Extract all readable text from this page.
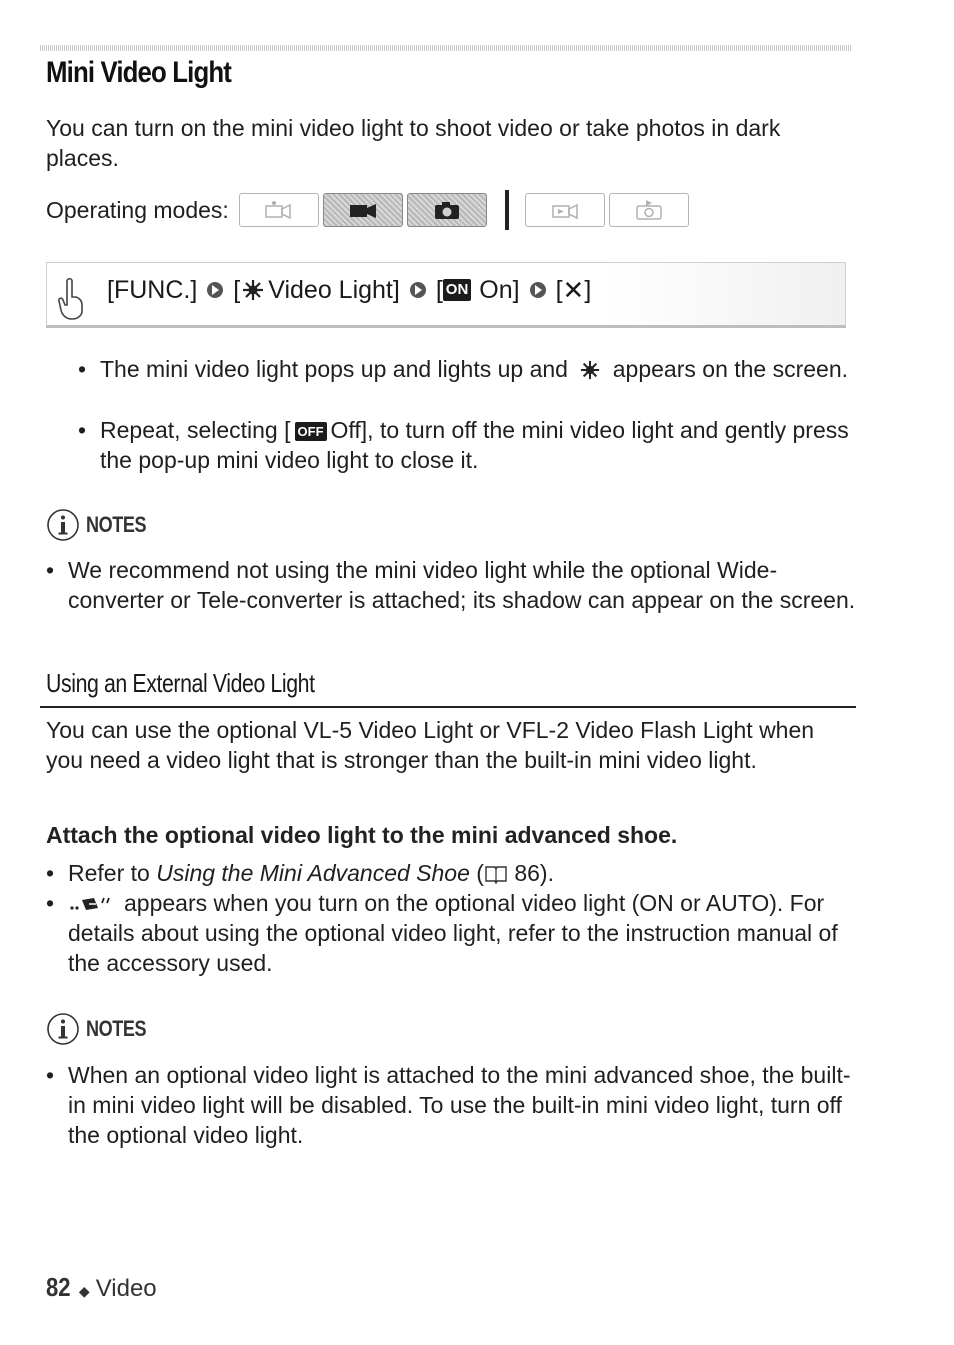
Mini Video Light
You can turn on the mini video light to shoot video or take photos in dark places.
Operating modes:
[FUNC.] [ Video Light] [ ON On] [ ✕ ]
• The mini video light pops up and lights up and appears on the screen.
• Repeat, selecting [ OFF Off], to turn off the mini video light and gently press the pop-up mini video light to close it.
NOTES
• We recommend not using the mini video light while the optional Wide-converter or Tele-converter is attached; its shadow can appear on the screen.
Using an External Video Light
You can use the optional VL-5 Video Light or VFL-2 Video Flash Light when you need a video light that is stronger than the built-in mini video light.
Attach the optional video light to the mini advanced shoe.
• Refer to Using the Mini Advanced Shoe ( 86).
•	appears when you turn on the optional video light (ON or AUTO). For details about using the optional video light, refer to the instruction manual of the accessory used.
NOTES
• When an optional video light is attached to the mini advanced shoe, the built-in mini video light will be disabled. To use the built-in mini video light, turn off the optional video light.
82 ◆ Video
